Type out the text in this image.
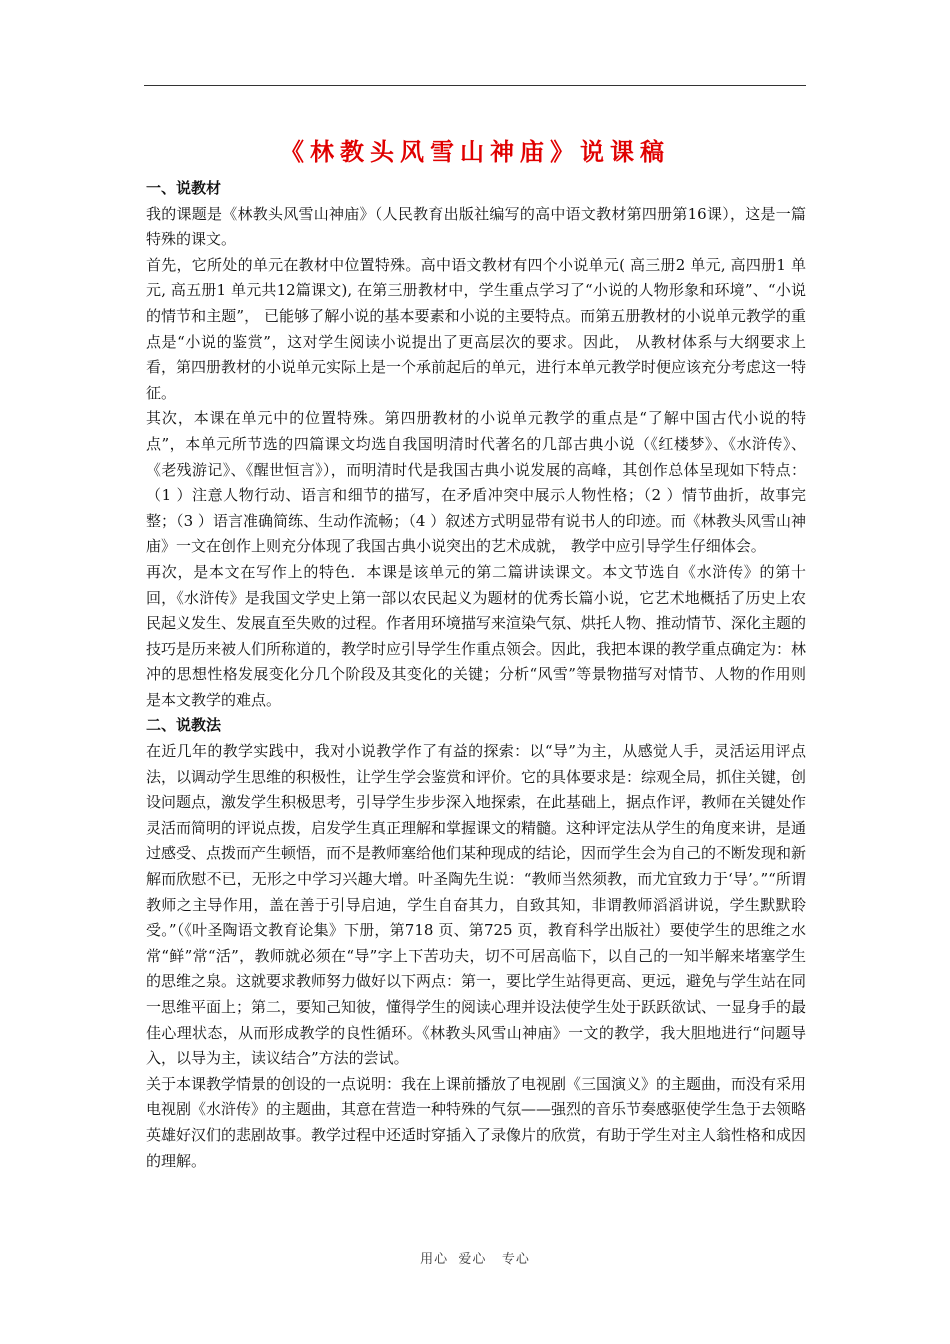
《林教头风雪山神庙》说课稿
一、说教材

我的课题是《林教头风雪山神庙》（人民教育出版社编写的高中语文教材第四册第16课），这是一篇特殊的课文。

首先，它所处的单元在教材中位置特殊。高中语文教材有四个小说单元( 高三册2 单元, 高四册1 单元, 高五册1 单元共12篇课文), 在第三册教材中，学生重点学习了“小说的人物形象和环境”、“小说的情节和主题”， 已能够了解小说的基本要素和小说的主要特点。而第五册教材的小说单元教学的重点是“小说的鉴赏”，这对学生阅读小说提出了更高层次的要求。因此， 从教材体系与大纲要求上看，第四册教材的小说单元实际上是一个承前起后的单元，进行本单元教学时便应该充分考虑这一特征。

其次，本课在单元中的位置特殊。第四册教材的小说单元教学的重点是“了解中国古代小说的特点”，本单元所节选的四篇课文均选自我国明清时代著名的几部古典小说（《红楼梦》、《水浒传》、《老残游记》、《醒世恒言》），而明清时代是我国古典小说发展的高峰，其创作总体呈现如下特点：（1 ）注意人物行动、语言和细节的描写，在矛盾冲突中展示人物性格；（2 ）情节曲折，故事完整；（3 ）语言准确简练、生动作流畅；（4 ）叙述方式明显带有说书人的印迹。而《林教头风雪山神庙》一文在创作上则充分体现了我国古典小说突出的艺术成就， 教学中应引导学生仔细体会。

再次，是本文在写作上的特色．本课是该单元的第二篇讲读课文。本文节选自《水浒传》的第十回，《水浒传》是我国文学史上第一部以农民起义为题材的优秀长篇小说，它艺术地概括了历史上农民起义发生、发展直至失败的过程。作者用环境描写来渲染气氛、烘托人物、推动情节、深化主题的技巧是历来被人们所称道的，教学时应引导学生作重点领会。因此，我把本课的教学重点确定为：林冲的思想性格发展变化分几个阶段及其变化的关键；分析“风雪”等景物描写对情节、人物的作用则是本文教学的难点。

二、说教法

在近几年的教学实践中，我对小说教学作了有益的探索：以“导”为主，从感觉人手，灵活运用评点法，以调动学生思维的积极性，让学生学会鉴赏和评价。它的具体要求是：综观全局，抓住关键，创设问题点，激发学生积极思考，引导学生步步深入地探索，在此基础上，据点作评，教师在关键处作灵活而简明的评说点拨，启发学生真正理解和掌握课文的精髓。这种评定法从学生的角度来讲，是通过感受、点拨而产生顿悟，而不是教师塞给他们某种现成的结论，因而学生会为自己的不断发现和新解而欣慰不已，无形之中学习兴趣大增。叶圣陶先生说：“教师当然须教，而尤宜致力于‘导’。”“所谓教师之主导作用，盖在善于引导启迪，学生自奋其力，自致其知，非谓教师滔滔讲说，学生默默聆受。”（《叶圣陶语文教育论集》下册，第718 页、第725 页，教育科学出版社）要使学生的思维之水常“鲜”常“活”，教师就必须在“导”字上下苦功夫，切不可居高临下，以自己的一知半解来堵塞学生的思维之泉。这就要求教师努力做好以下两点：第一，要比学生站得更高、更远，避免与学生站在同一思维平面上；第二，要知己知彼，懂得学生的阅读心理并设法使学生处于跃跃欲试、一显身手的最佳心理状态，从而形成教学的良性循环。《林教头风雪山神庙》一文的教学，我大胆地进行“问题导入，以导为主，读议结合”方法的尝试。

关于本课教学情景的创设的一点说明：我在上课前播放了电视剧《三国演义》的主题曲，而没有采用电视剧《水浒传》的主题曲，其意在营造一种特殊的气氛——强烈的音乐节奏感驱使学生急于去领略英雄好汉们的悲剧故事。教学过程中还适时穿插入了录像片的欣赏，有助于学生对主人翁性格和成因的理解。

用心  爱心   专心
